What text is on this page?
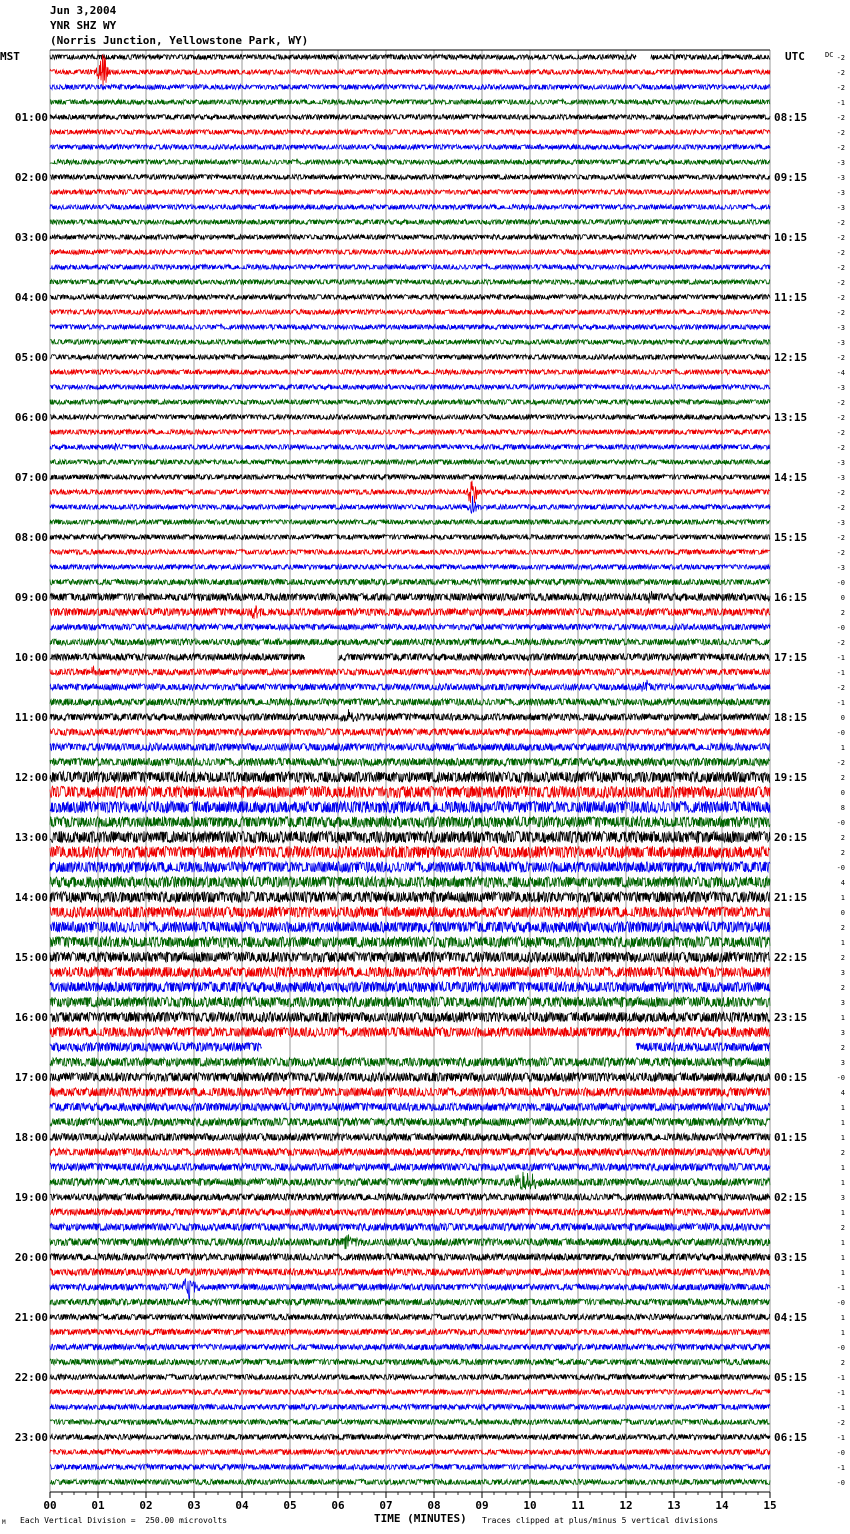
Jun 3,2004
YNR SHZ WY
(Norris Junction, Yellowstone Park, WY)
MST	UTC	DC -2
-2
-2
-1
-2
-2
-2
-3
-3
-3
-3
-2
-2
-2
-2
-2
-2
-2
-3
-3
-2
-4
-3
-2
-2
-2
-2
-3
-3
-2
-2
-3
-2
-2
-3
-0
0
2
-0
-2
-1
-1
-2
-1
0
-0
1
-2
2
0
8
-0
2
2
-0
4
1
0
2
1
2
3
2
3
1
3
2
3
-0
4
1
1
1
2
1
1
3
1
2
1
1
1
-1
-0
1
1
-0
2
-1
-1
-1
-2
-1
-0
-1
-0
01:00
02:00
03:00
04:00
05:00
06:00
07:00
08:00
09:00
10:00
11:00
12:00
13:00
14:00
15:00
16:00
17:00
18:00
19:00
20:00
21:00
22:00
23:00
08:15
09:15
10:15
11:15
12:15
13:15
14:15
15:15
16:15
17:15
18:15
19:15
20:15
21:15
22:15
23:15
00:15
01:15
02:15
03:15
04:15
05:15
06:15
00	01	02	03	04	05	06	07	08	09	10	11	12	13	14	15
M Each Vertical Division =  250.00 microvolts	TIME (MINUTES) Traces clipped at plus/minus 5 vertical divisions
